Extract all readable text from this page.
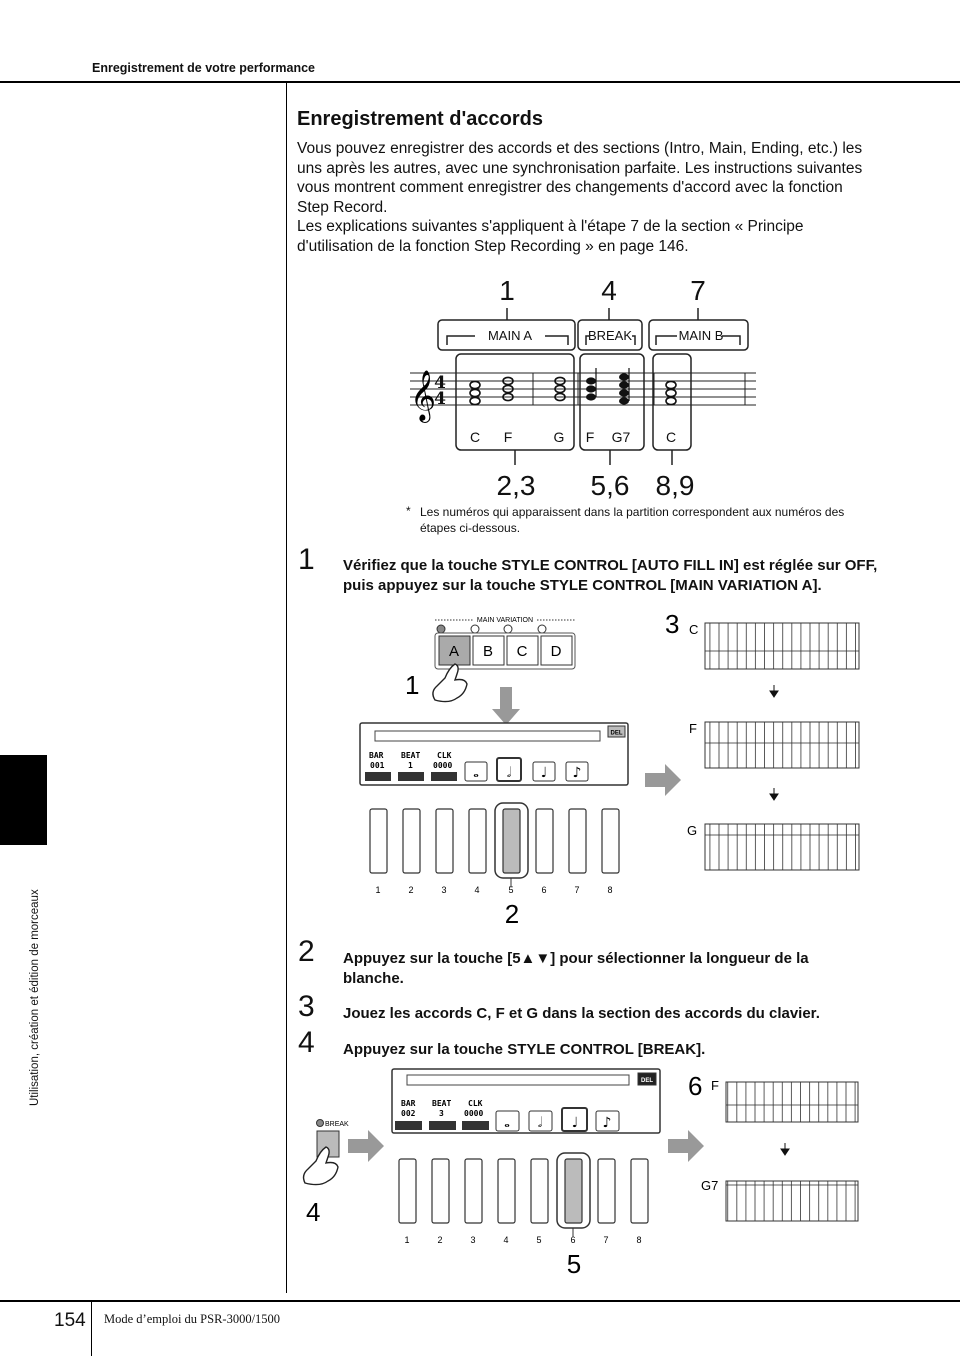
Enregistrement de votre performance
Utilisation, création et édition de morceaux
Enregistrement d'accords

Vous pouvez enregistrer des accords et des sections (Intro, Main, Ending, etc.) les uns après les autres, avec une synchronisation parfaite. Les instructions suivantes vous montrent comment enregistrer des changements d'accord avec la fonction Step Record.

Les explications suivantes s'appliquent à l'étape 7 de la section « Principe d'utilisation de la fonction Step Recording » en page 146.

1	4	7
MAIN A	BREAK	MAIN B
𝄞
4
4
C F	G F G7	C
2,3 5,6 8,9
* Les numéros qui apparaissent dans la partition correspondent aux numéros des étapes ci-dessous.
1 Vérifiez que la touche STYLE CONTROL [AUTO FILL IN] est réglée sur OFF, puis appuyez sur la touche STYLE CONTROL [MAIN VARIATION A].
MAIN VARIATION
A B C D
1
DEL
BAR BEAT CLK
001	1	0000 𝅝 𝅗𝅥 ♩ ♪
1	2	3	4	5	6	7	8
2
3 C
F
G
2 Appuyez sur la touche [5▲▼] pour sélectionner la longueur de la blanche.
3 Jouez les accords C, F et G dans la section des accords du clavier.
4 Appuyez sur la touche STYLE CONTROL [BREAK].
BREAK
4
DEL
BAR BEAT CLK
002	3	0000
𝅝 𝅗𝅥 ♩ ♪
1	2	3	4	5	6	7	8
5
6 F
G7
154 Mode d’emploi du PSR-3000/1500
